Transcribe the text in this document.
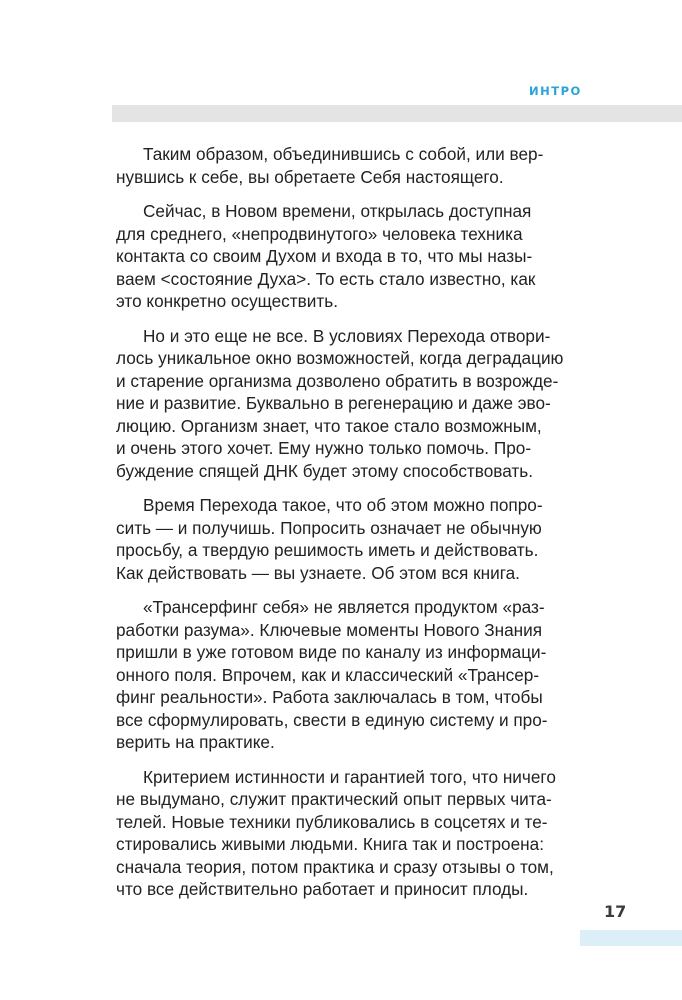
ИНТРО

Таким образом, объединившись с собой, или вер-
нувшись к себе, вы обретаете Себя настоящего.

Сейчас, в Новом времени, открылась доступная
для среднего, «непродвинутого» человека техника
контакта со своим Духом и входа в то, что мы назы-
ваем <состояние Духа>. То есть стало известно, как
это конкретно осуществить.

Но и это еще не все. В условиях Перехода отвори-
лось уникальное окно возможностей, когда деградацию
и старение организма дозволено обратить в возрожде-
ние и развитие. Буквально в регенерацию и даже эво-
люцию. Организм знает, что такое стало возможным,
и очень этого хочет. Ему нужно только помочь. Про-
буждение спящей ДНК будет этому способствовать.

Время Перехода такое, что об этом можно попро-
сить — и получишь. Попросить означает не обычную
просьбу, а твердую решимость иметь и действовать.
Как действовать — вы узнаете. Об этом вся книга.

«Трансерфинг себя» не является продуктом «раз-
работки разума». Ключевые моменты Нового Знания
пришли в уже готовом виде по каналу из информаци-
онного поля. Впрочем, как и классический «Трансер-
финг реальности». Работа заключалась в том, чтобы
все сформулировать, свести в единую систему и про-
верить на практике.

Критерием истинности и гарантией того, что ничего
не выдумано, служит практический опыт первых чита-
телей. Новые техники публиковались в соцсетях и те-
стировались живыми людьми. Книга так и построена:
сначала теория, потом практика и сразу отзывы о том,
что все действительно работает и приносит плоды.

17
